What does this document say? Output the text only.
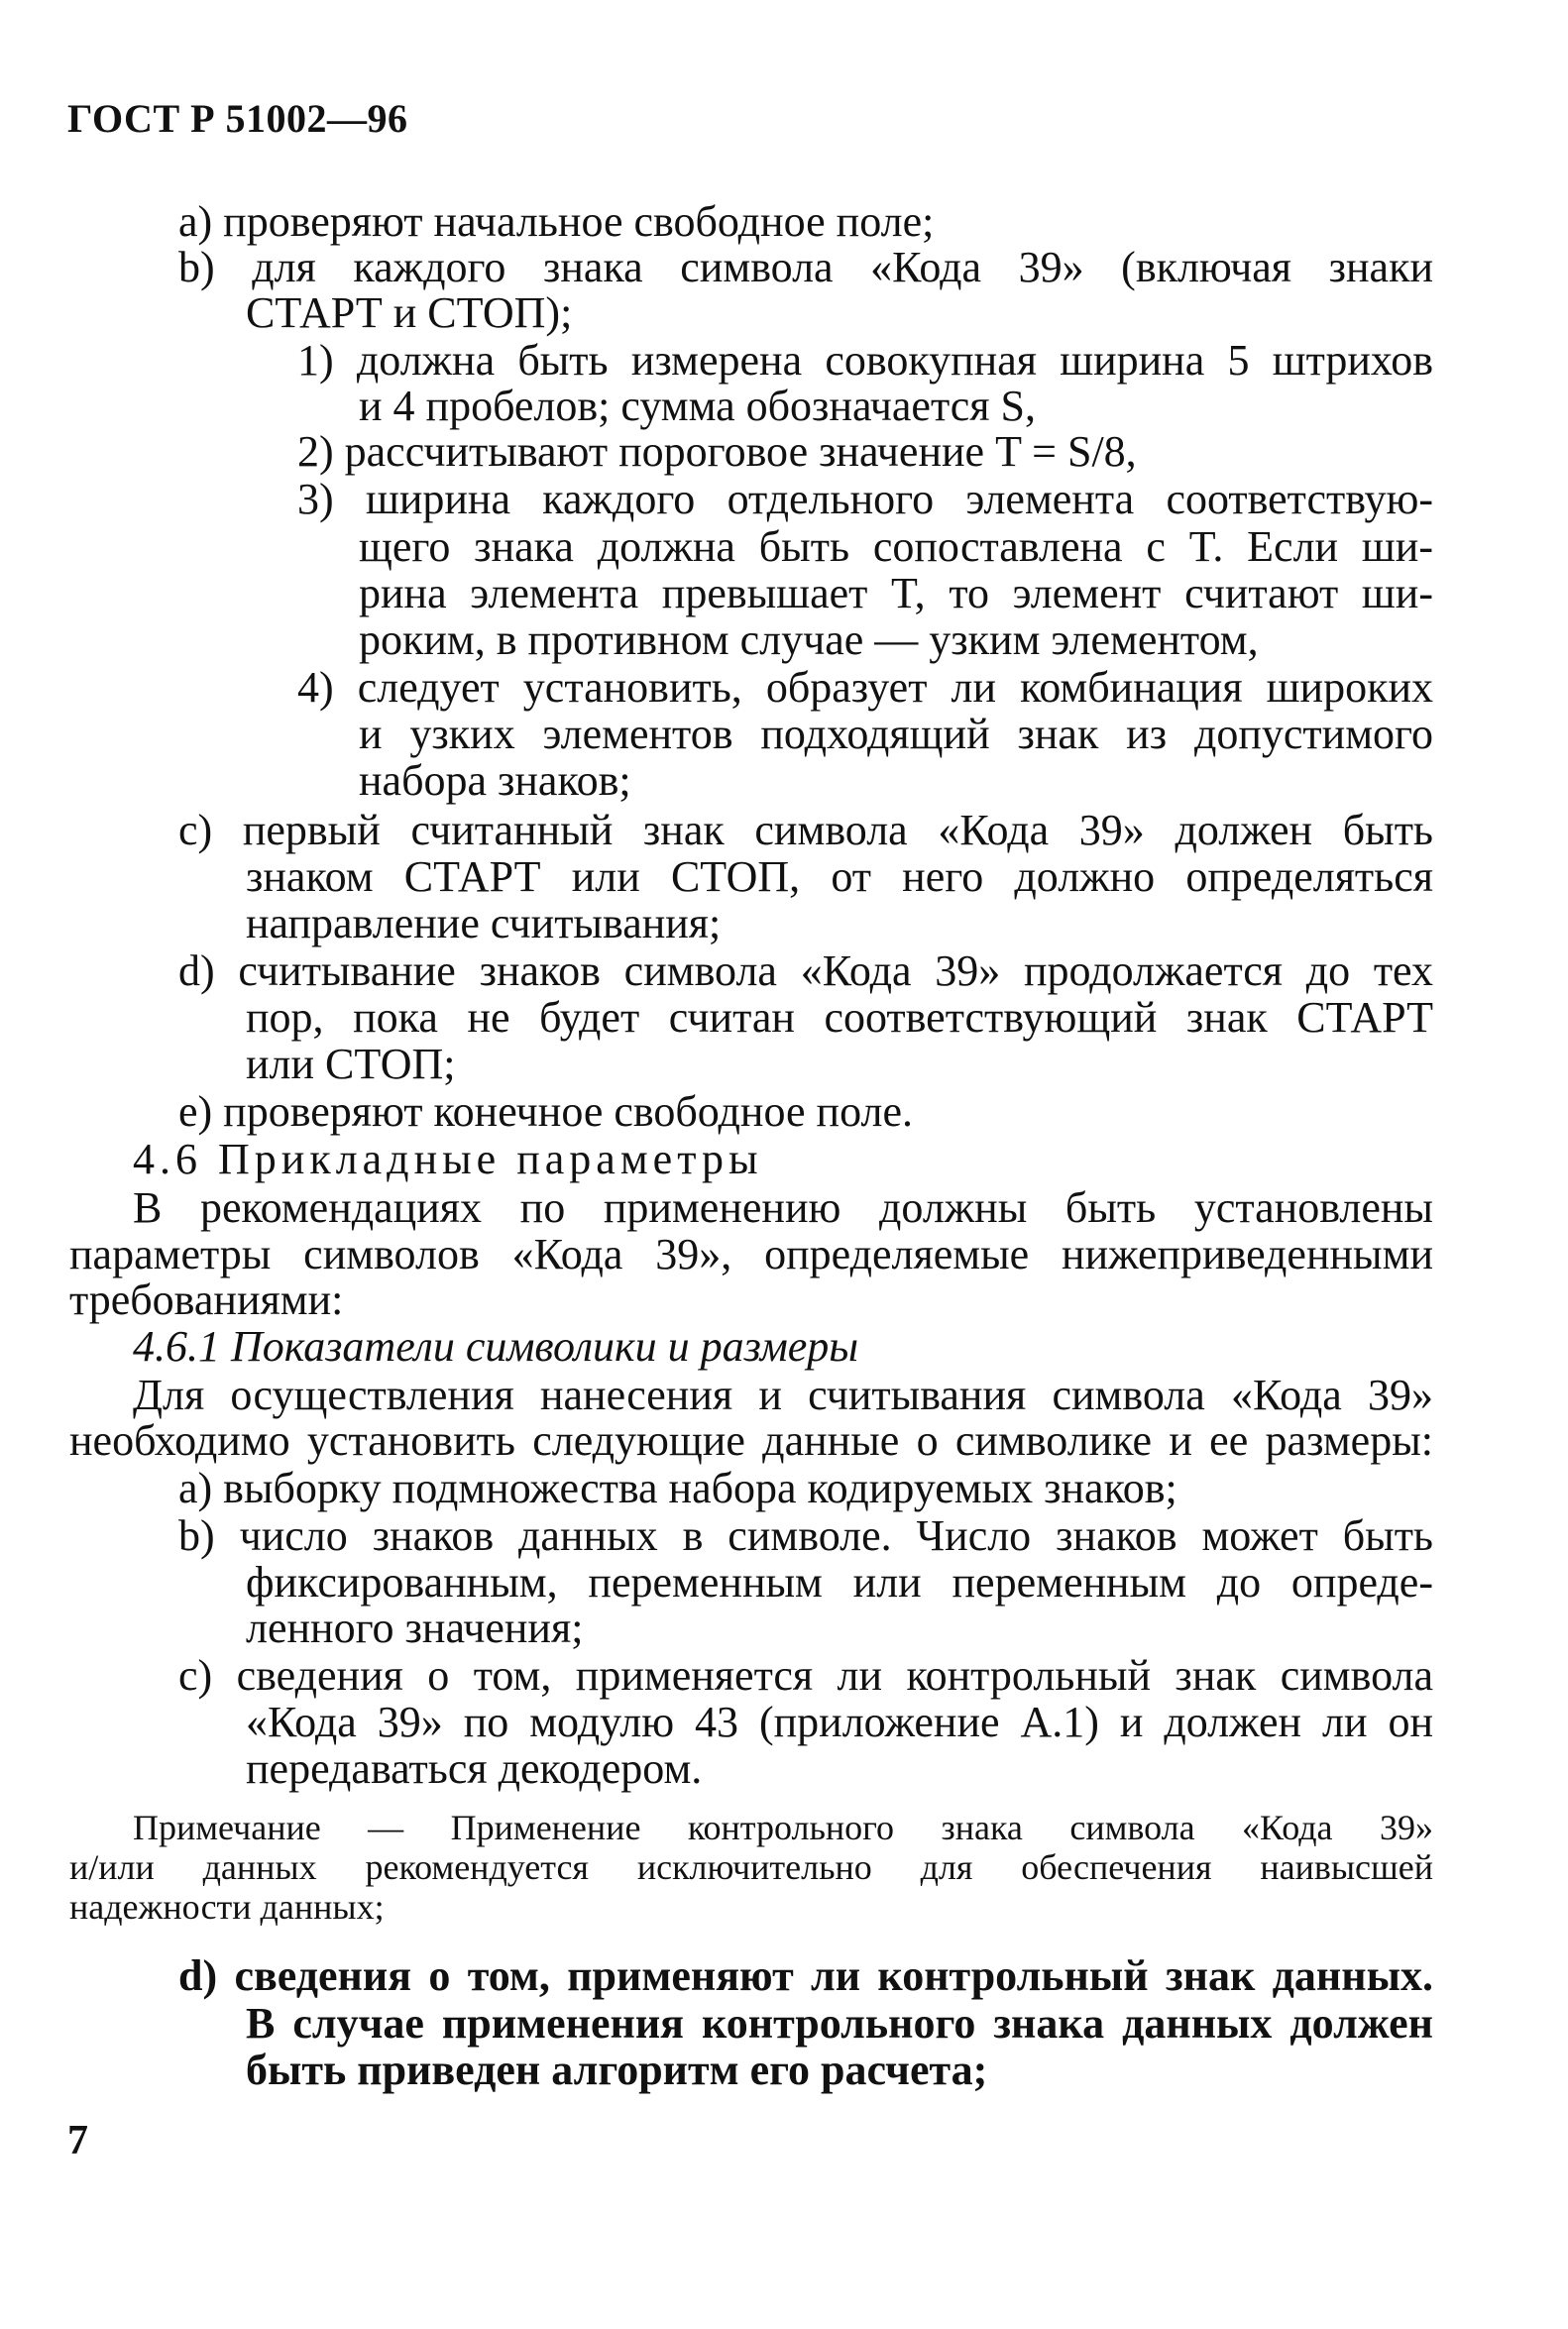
ГОСТ Р 51002—96
a) проверяют начальное свободное поле;
b) для каждого знака символа «Кода 39» (включая знаки
СТАРТ и СТОП);
1) должна быть измерена совокупная ширина 5 штрихов
и 4 пробелов; сумма обозначается S,
2) рассчитывают пороговое значение T = S/8,
3) ширина каждого отдельного элемента соответствую-
щего знака должна быть сопоставлена с T. Если ши-
рина элемента превышает T, то элемент считают ши-
роким, в противном случае — узким элементом,
4) следует установить, образует ли комбинация широких
и узких элементов подходящий знак из допустимого
набора знаков;
c) первый считанный знак символа «Кода 39» должен быть
знаком СТАРТ или СТОП, от него должно определяться
направление считывания;
d) считывание знаков символа «Кода 39» продолжается до тех
пор, пока не будет считан соответствующий знак СТАРТ
или СТОП;
e) проверяют конечное свободное поле.
4.6 Прикладные параметры
В рекомендациях по применению должны быть установлены
параметры символов «Кода 39», определяемые нижеприведенными
требованиями:
4.6.1 Показатели символики и размеры
Для осуществления нанесения и считывания символа «Кода 39»
необходимо установить следующие данные о символике и ее размеры:
a) выборку подмножества набора кодируемых знаков;
b) число знаков данных в символе. Число знаков может быть
фиксированным, переменным или переменным до опреде-
ленного значения;
c) сведения о том, применяется ли контрольный знак символа
«Кода 39» по модулю 43 (приложение А.1) и должен ли он
передаваться декодером.
Примечание — Применение контрольного знака символа «Кода 39»
и/или данных рекомендуется исключительно для обеспечения наивысшей
надежности данных;
d) сведения о том, применяют ли контрольный знак данных.
В случае применения контрольного знака данных должен
быть приведен алгоритм его расчета;
7
